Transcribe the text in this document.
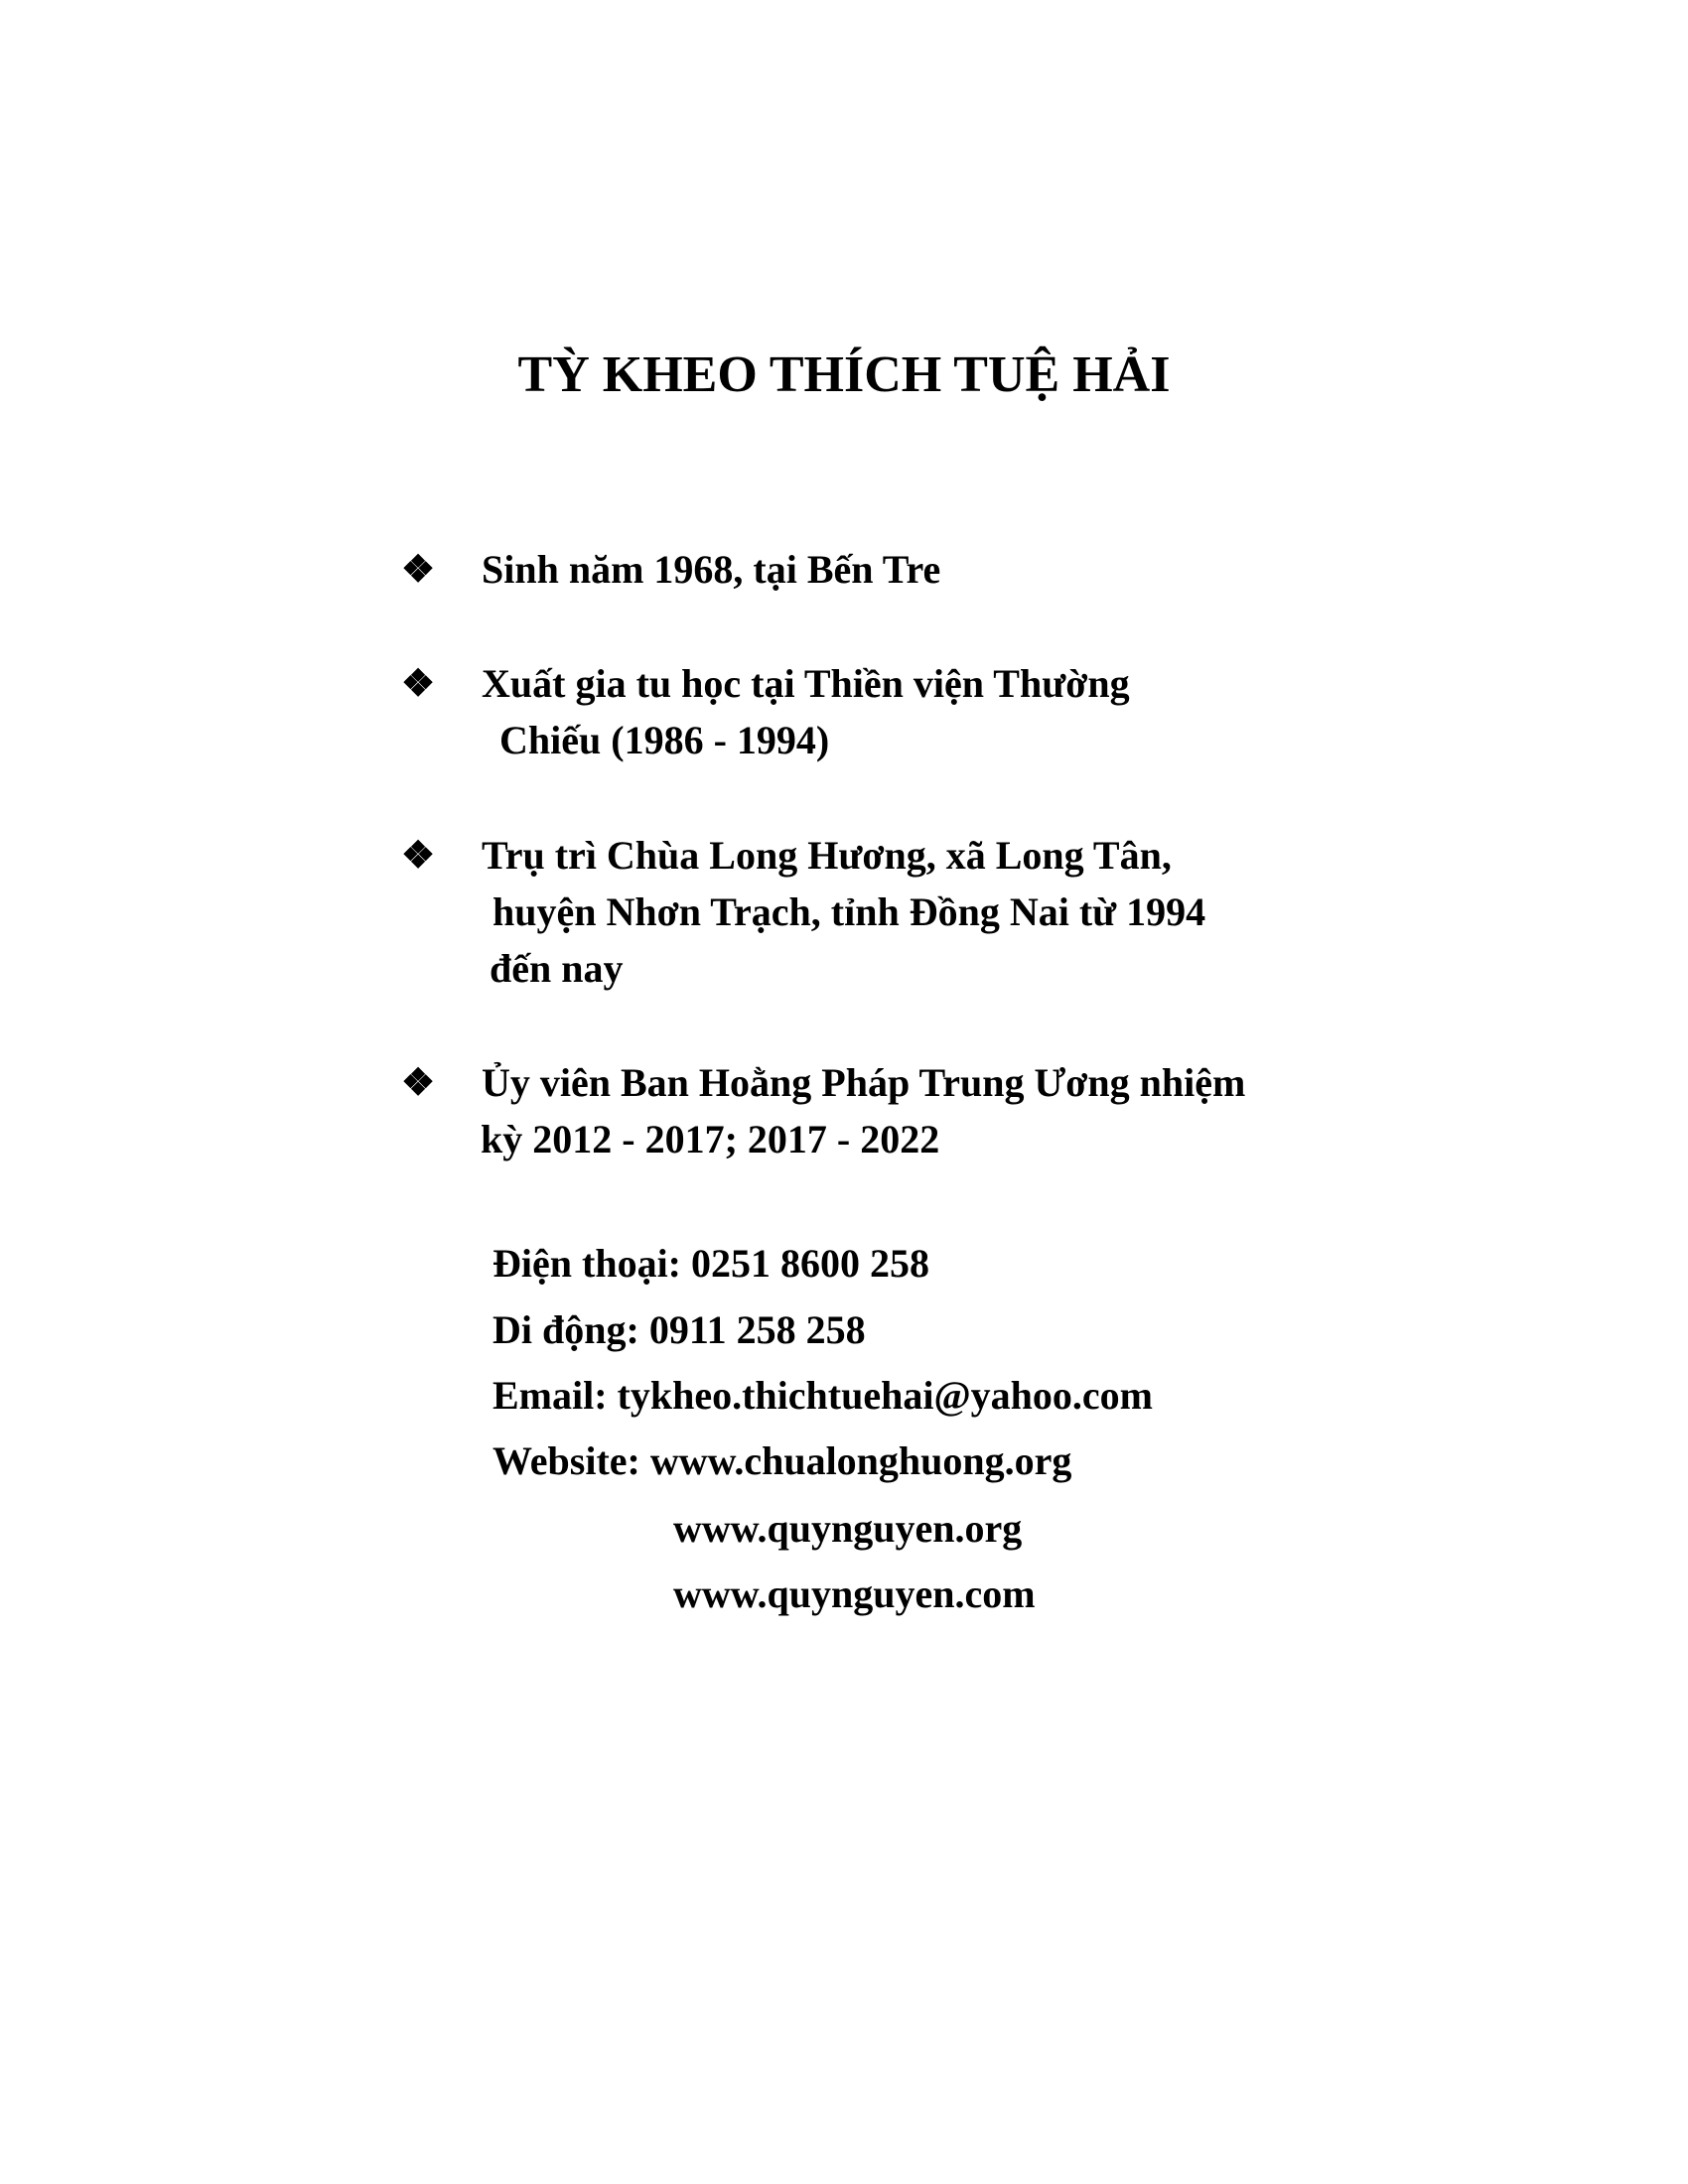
TỲ KHEO THÍCH TUỆ HẢI
❖ Sinh năm 1968, tại Bến Tre
❖ Xuất gia tu học tại Thiền viện Thường
Chiếu (1986 - 1994)
❖ Trụ trì Chùa Long Hương, xã Long Tân,
huyện Nhơn Trạch, tỉnh Đồng Nai từ 1994
đến nay
❖ Ủy viên Ban Hoằng Pháp Trung Ương nhiệm
kỳ 2012 - 2017; 2017 - 2022
Điện thoại: 0251 8600 258
Di động: 0911 258 258
Email: tykheo.thichtuehai@yahoo.com
Website: www.chualonghuong.org
www.quynguyen.org
www.quynguyen.com
